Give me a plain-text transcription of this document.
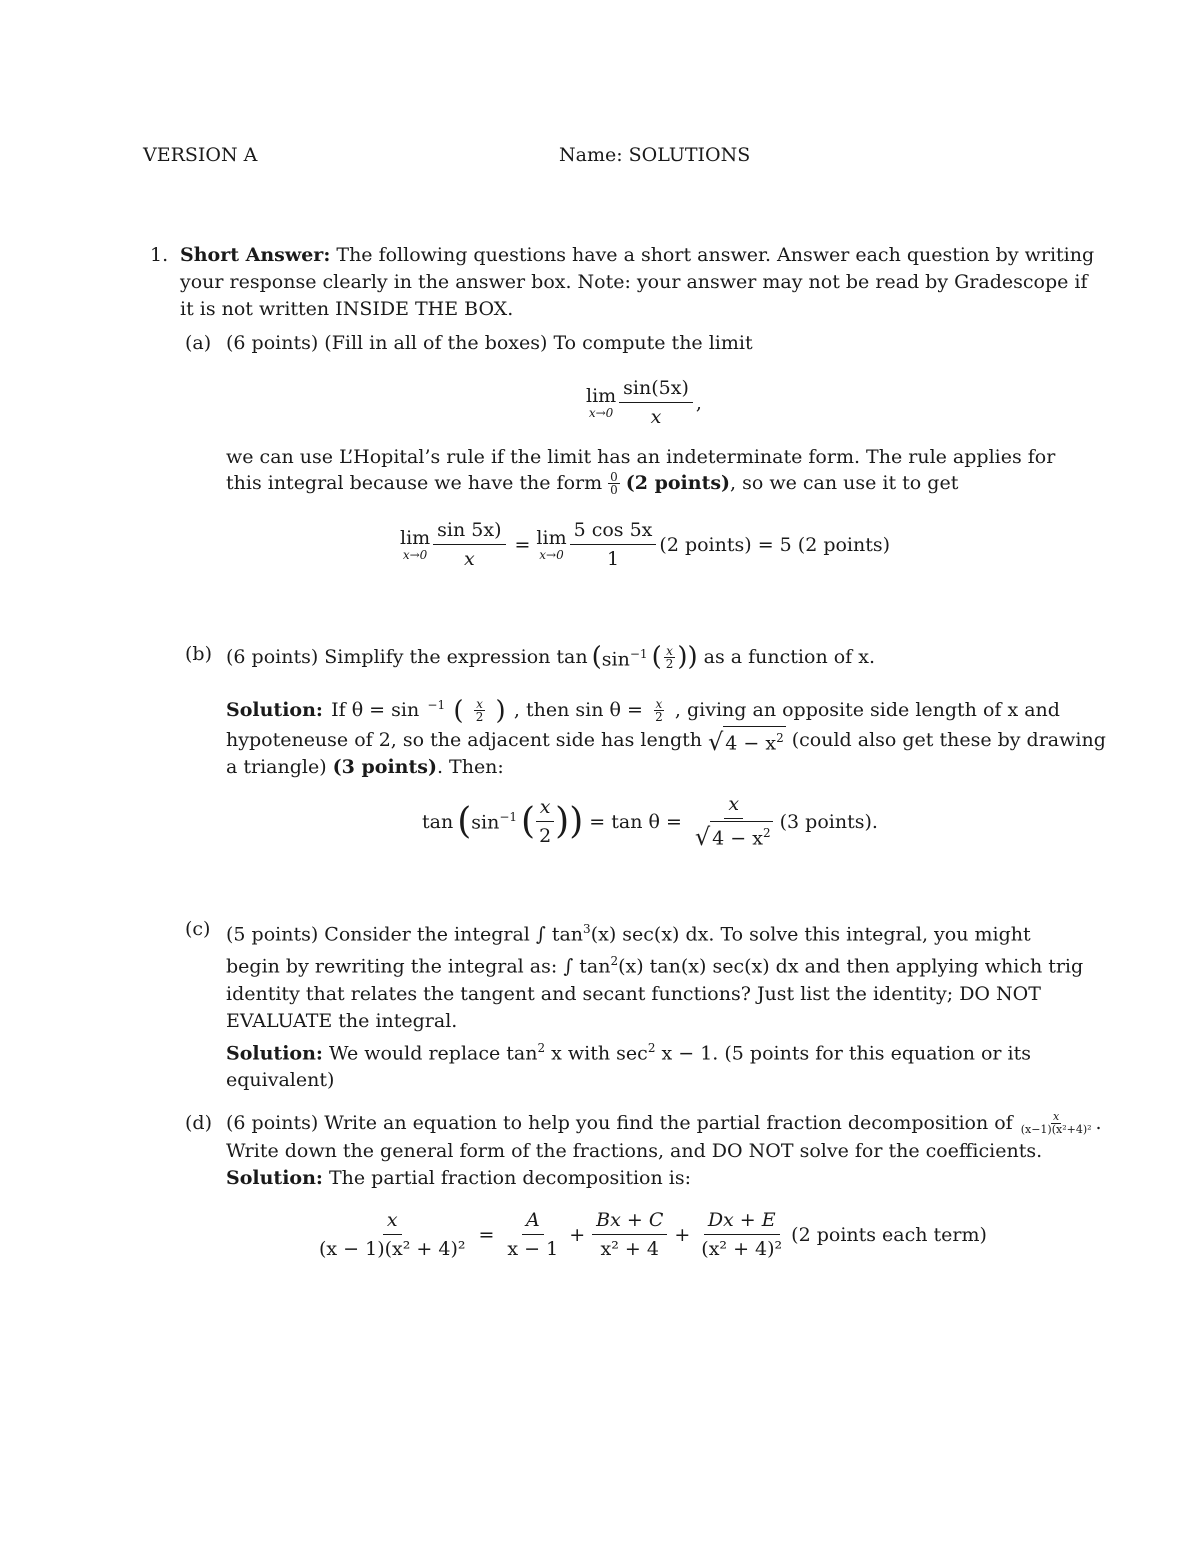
VERSION A	Name: SOLUTIONS
1. Short Answer: The following questions have a short answer. Answer each question by writing
your response clearly in the answer box. Note: your answer may not be read by Gradescope if
it is not written INSIDE THE BOX.
(a) (6 points) (Fill in all of the boxes) To compute the limit
lim
$x\to 0 \frac{\sin(5x)}{x}$ ,
we can use L’Hopital’s rule if the limit has an indeterminate form. The rule applies for
this integral because we have the form 0
0 (2 points) , so we can use it to get
lim
$x\to 0 \frac{\sin 5x)}{x} = \lim$
$x\to 0 \frac{5 \cos 5x}{1} (2$ points) = 5 (2 points)
(b) (6 points) Simplify the expression tan ( $\sin^{-1}$ ( x
2 )) as a function of x.
Solution: If θ = sin $^{-1}$ ( x
2 ) , then $\sin \theta = \frac{x}{2}$ , giving an opposite side length of x and
hypoteneuse of 2, so the adjacent side has length √ $4 - x^2$ (could also get these by drawing
a triangle)
(3 points) . Then:
tan ( $\sin^{-1}$ ( $\frac{x}{2}$ )) = $\tan \theta = \frac{x}{√ 4 - x^2} (3$ points).
(c) (5 points) Consider the integral ∫ $\tan^3(x)$ sec(x) dx. To solve this integral, you might
begin by rewriting the integral as: ∫ $\tan^2(x)$ tan(x) sec(x) dx and then applying which trig
identity that relates the tangent and secant functions? Just list the identity; DO NOT
EVALUATE the integral.
Solution: We would replace $\tan^2 x$ with $\sec^2 x - 1$. (5 points for this equation or its
equivalent)
(d) (6 points) Write an equation to help you find the partial fraction decomposition of	x
(x−1)(x²+4)² .
Write down the general form of the fractions, and DO NOT solve for the coefficients.
Solution: The partial fraction decomposition is:
$\frac{x}{\text{(x − 1)(x² + 4)²}} = \frac{A}{x - 1} + \frac{Bx + C}{\text{x² + 4}} + \frac{Dx + E}{\text{(x² + 4)²}} (2$ points each term)
